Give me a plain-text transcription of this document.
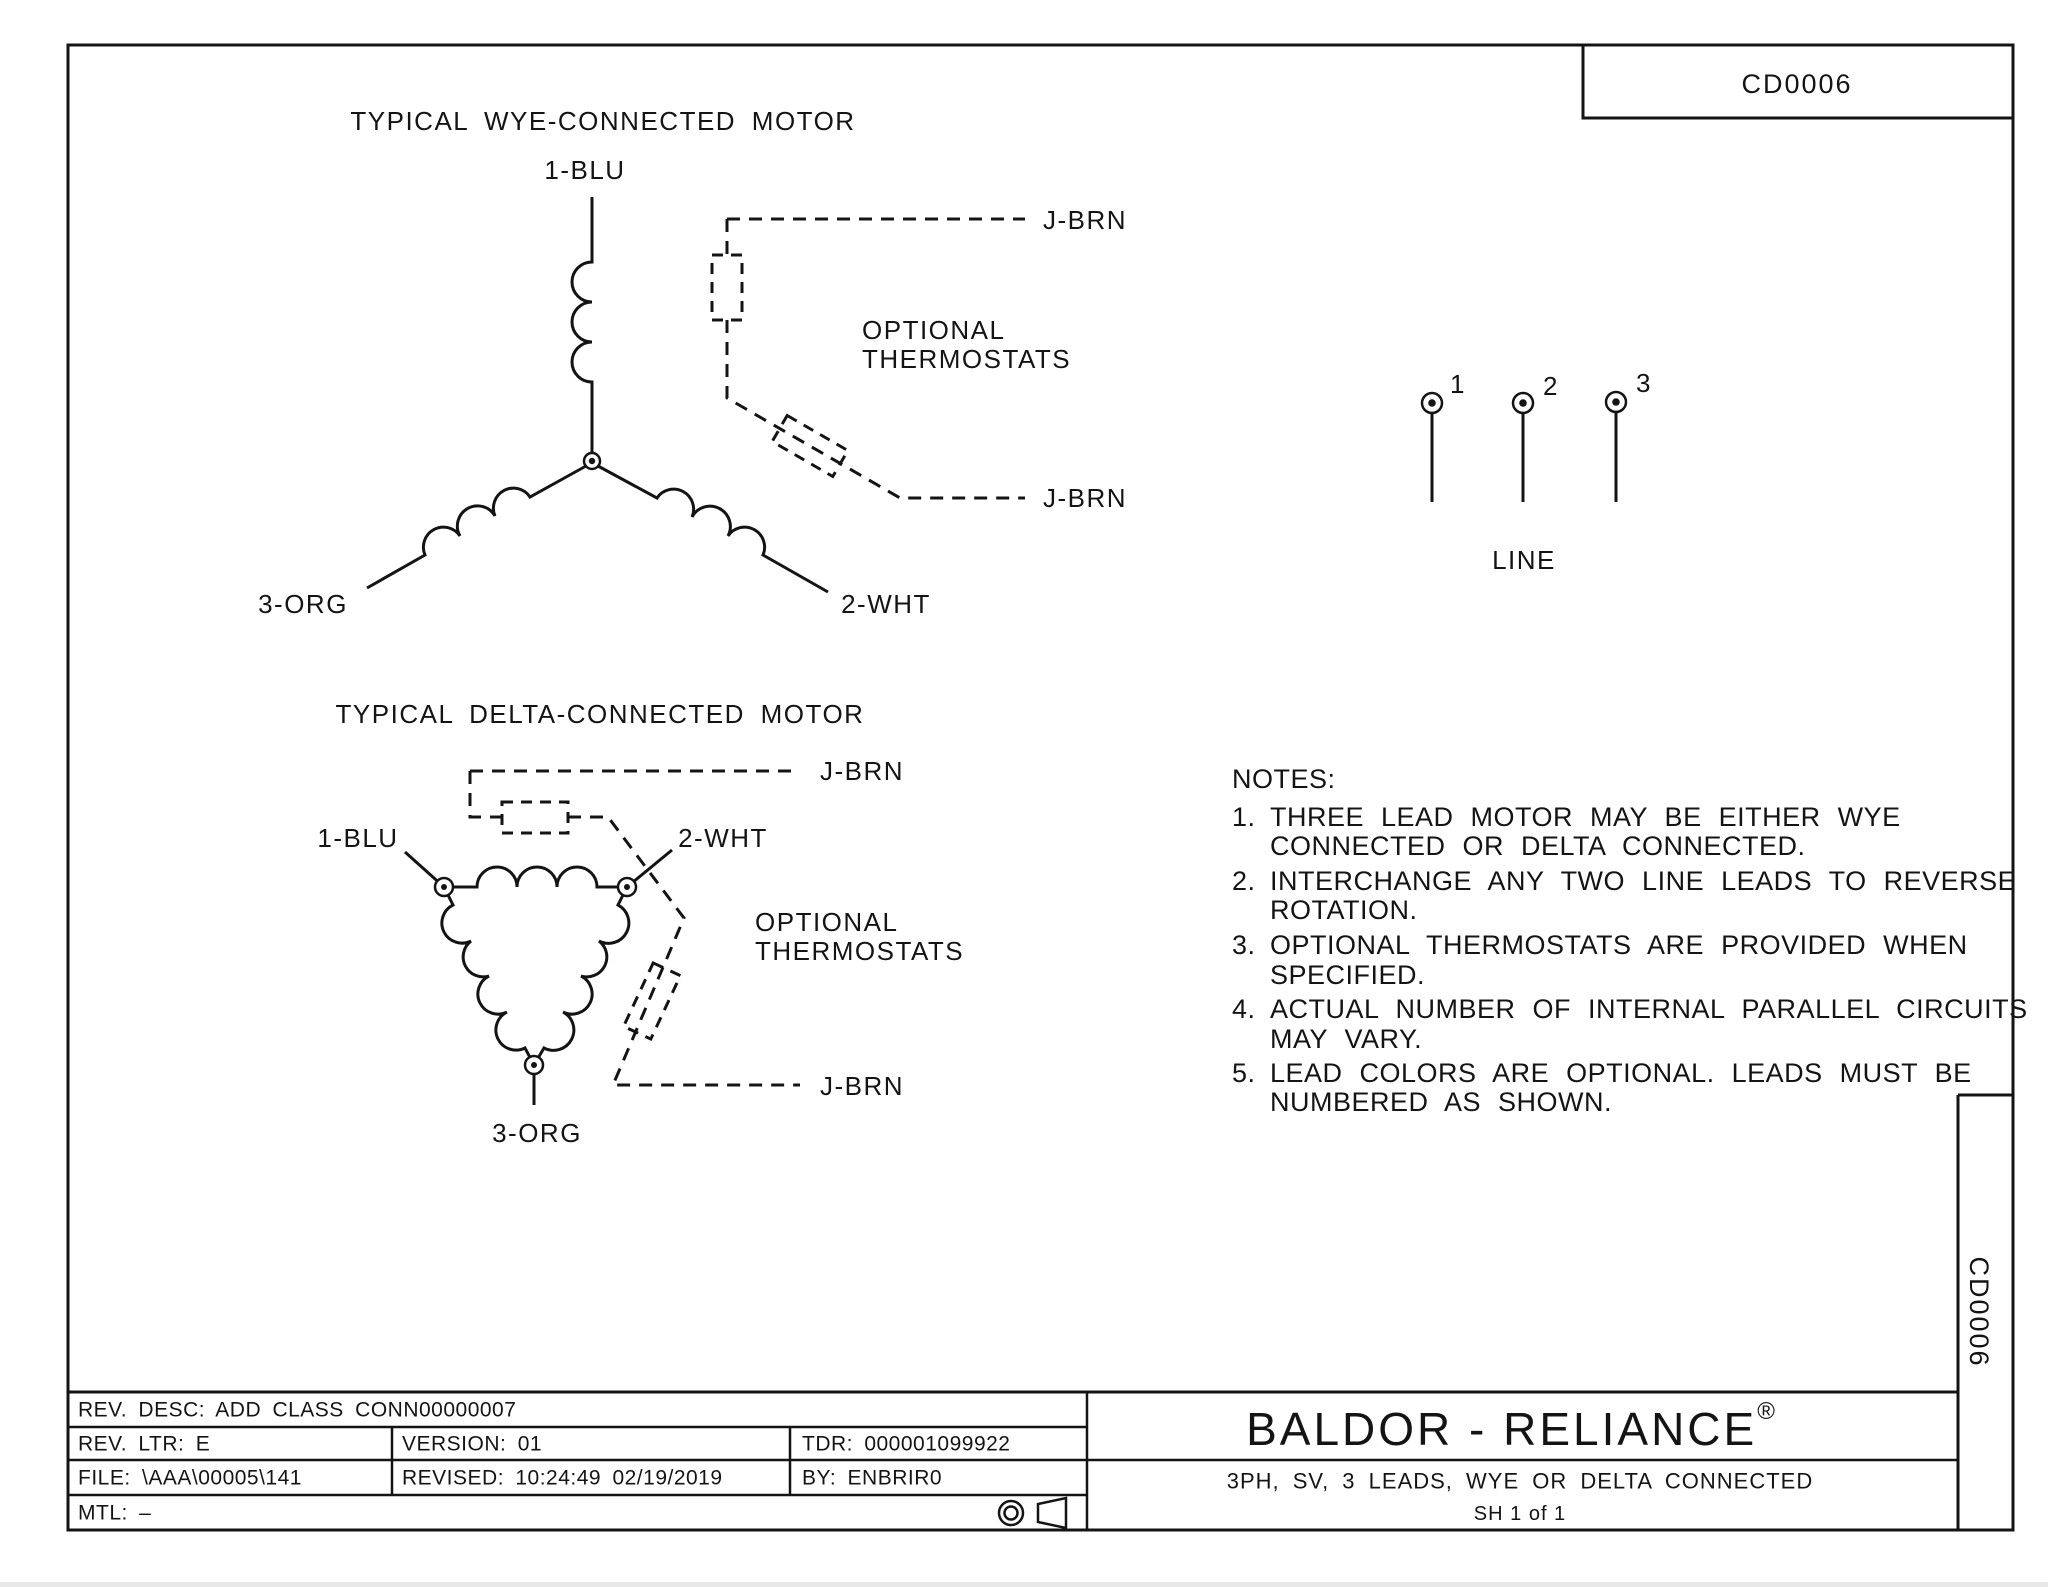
CD0006
CD0006
TYPICAL WYE-CONNECTED MOTOR
1-BLU
3-ORG	2-WHT
J-BRN
J-BRN
OPTIONAL
THERMOSTATS
TYPICAL DELTA-CONNECTED MOTOR
1-BLU	2-WHT
3-ORG
J-BRN
J-BRN
OPTIONAL
THERMOSTATS
1	2	3
LINE
NOTES:
1. THREE LEAD MOTOR MAY BE EITHER WYE
CONNECTED OR DELTA CONNECTED.
2. INTERCHANGE ANY TWO LINE LEADS TO REVERSE
ROTATION.
3. OPTIONAL THERMOSTATS ARE PROVIDED WHEN
SPECIFIED.
4. ACTUAL NUMBER OF INTERNAL PARALLEL CIRCUITS
MAY VARY.
5. LEAD COLORS ARE OPTIONAL. LEADS MUST BE
NUMBERED AS SHOWN.
REV. DESC: ADD CLASS CONN00000007
REV. LTR: E	VERSION: 01	TDR: 000001099922
FILE: \AAA\00005\141	REVISED: 10:24:49 02/19/2019	BY: ENBRIR0
MTL: –
BALDOR - RELIANCE®
3PH, SV, 3 LEADS, WYE OR DELTA CONNECTED
SH 1 of 1
